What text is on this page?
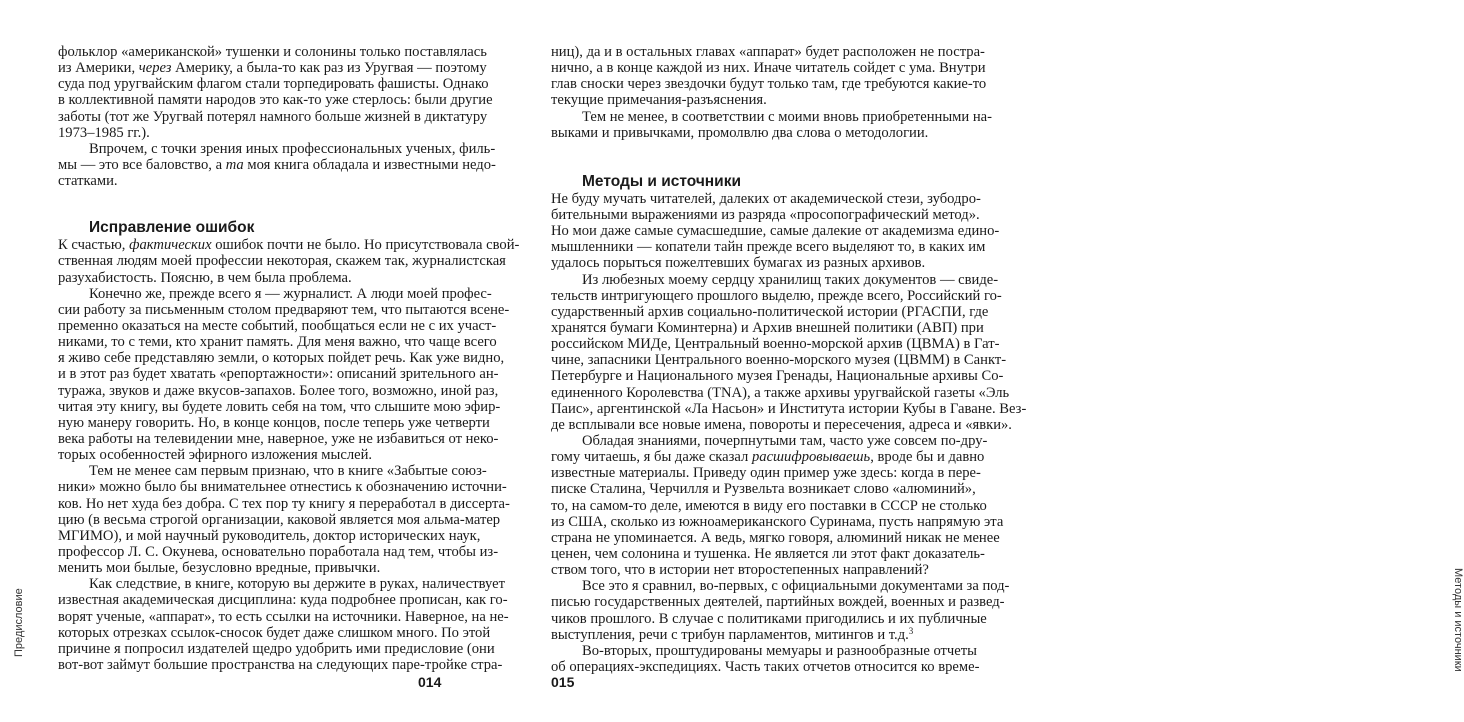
фольклор «американской» тушенки и солонины только поставлялась
из Америки, через Америку, а была-то как раз из Уругвая — поэтому
суда под уругвайским флагом стали торпедировать фашисты. Однако
в коллективной памяти народов это как-то уже стерлось: были другие
заботы (тот же Уругвай потерял намного больше жизней в диктатуру
1973–1985 гг.).
Впрочем, с точки зрения иных профессиональных ученых, филь-
мы — это все баловство, а та моя книга обладала и известными недо-
статками.
Исправление ошибок
К счастью, фактических ошибок почти не было. Но присутствовала свой-
ственная людям моей профессии некоторая, скажем так, журналистская
разухабистость. Поясню, в чем была проблема.
Конечно же, прежде всего я — журналист. А люди моей профес-
сии работу за письменным столом предваряют тем, что пытаются всене-
пременно оказаться на месте событий, пообщаться если не с их участ-
никами, то с теми, кто хранит память. Для меня важно, что чаще всего
я живо себе представляю земли, о которых пойдет речь. Как уже видно,
и в этот раз будет хватать «репортажности»: описаний зрительного ан-
туража, звуков и даже вкусов-запахов. Более того, возможно, иной раз,
читая эту книгу, вы будете ловить себя на том, что слышите мою эфир-
ную манеру говорить. Но, в конце концов, после теперь уже четверти
века работы на телевидении мне, наверное, уже не избавиться от неко-
торых особенностей эфирного изложения мыслей.
Тем не менее сам первым признаю, что в книге «Забытые союз-
ники» можно было бы внимательнее отнестись к обозначению источни-
ков. Но нет худа без добра. С тех пор ту книгу я переработал в диссерта-
цию (в весьма строгой организации, каковой является моя альма-матер
МГИМО), и мой научный руководитель, доктор исторических наук,
профессор Л. С. Окунева, основательно поработала над тем, чтобы из-
менить мои былые, безусловно вредные, привычки.
Как следствие, в книге, которую вы держите в руках, наличествует
известная академическая дисциплина: куда подробнее прописан, как го-
ворят ученые, «аппарат», то есть ссылки на источники. Наверное, на не-
которых отрезках ссылок-сносок будет даже слишком много. По этой
причине я попросил издателей щедро удобрить ими предисловие (они
вот-вот займут большие пространства на следующих паре-тройке стра-
Предисловие
014
ниц), да и в остальных главах «аппарат» будет расположен не постра-
нично, а в конце каждой из них. Иначе читатель сойдет с ума. Внутри
глав сноски через звездочки будут только там, где требуются какие-то
текущие примечания-разъяснения.
Тем не менее, в соответствии с моими вновь приобретенными на-
выками и привычками, промолвлю два слова о методологии.
Методы и источники
Не буду мучать читателей, далеких от академической стези, зубодро-
бительными выражениями из разряда «просопографический метод».
Но мои даже самые сумасшедшие, самые далекие от академизма едино-
мышленники — копатели тайн прежде всего выделяют то, в каких им
удалось порыться пожелтевших бумагах из разных архивов.
Из любезных моему сердцу хранилищ таких документов — свиде-
тельств интригующего прошлого выделю, прежде всего, Российский го-
сударственный архив социально-политической истории (РГАСПИ, где
хранятся бумаги Коминтерна) и Архив внешней политики (АВП) при
российском МИДе, Центральный военно-морской архив (ЦВМА) в Гат-
чине, запасники Центрального военно-морского музея (ЦВММ) в Санкт-
Петербурге и Национального музея Гренады, Национальные архивы Со-
единенного Королевства (TNA), а также архивы уругвайской газеты «Эль
Паис», аргентинской «Ла Насьон» и Института истории Кубы в Гаване. Вез-
де всплывали все новые имена, повороты и пересечения, адреса и «явки».
Обладая знаниями, почерпнутыми там, часто уже совсем по-дру-
гому читаешь, я бы даже сказал расшифровываешь, вроде бы и давно
известные материалы. Приведу один пример уже здесь: когда в пере-
писке Сталина, Черчилля и Рузвельта возникает слово «алюминий»,
то, на самом-то деле, имеются в виду его поставки в СССР не столько
из США, сколько из южноамериканского Суринама, пусть напрямую эта
страна не упоминается. А ведь, мягко говоря, алюминий никак не менее
ценен, чем солонина и тушенка. Не является ли этот факт доказатель-
ством того, что в истории нет второстепенных направлений?
Все это я сравнил, во-первых, с официальными документами за под-
писью государственных деятелей, партийных вождей, военных и развед-
чиков прошлого. В случае с политиками пригодились и их публичные
выступления, речи с трибун парламентов, митингов и т.д.$^3$
Во-вторых, проштудированы мемуары и разнообразные отчеты
об операциях-экспедициях. Часть таких отчетов относится ко време-	Методы и источники
015
